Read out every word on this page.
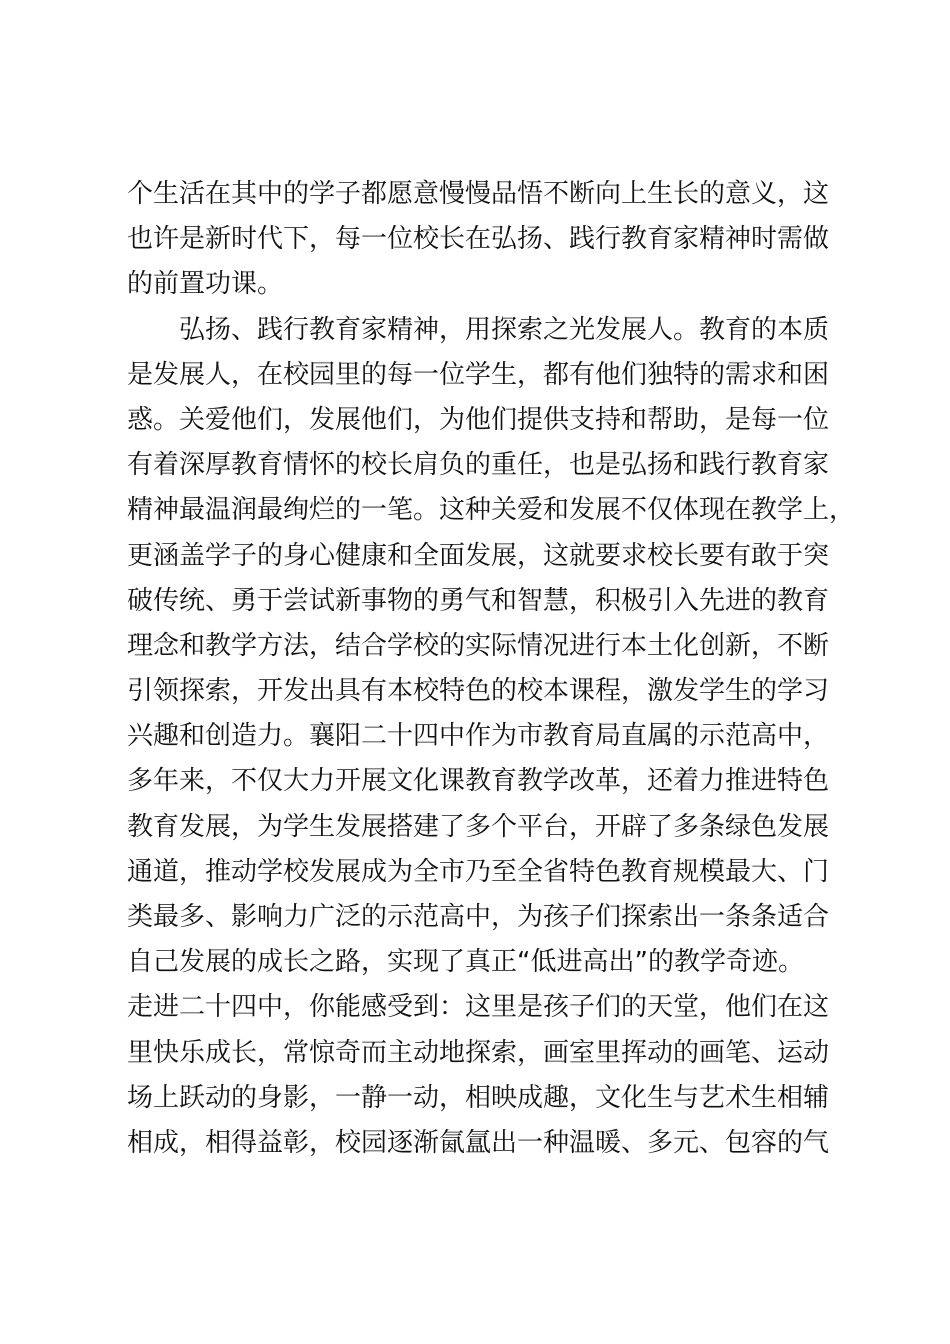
个生活在其中的学子都愿意慢慢品悟不断向上生长的意义，这

也许是新时代下，每一位校长在弘扬、践行教育家精神时需做

的前置功课。

弘扬、践行教育家精神，用探索之光发展人。教育的本质

是发展人，在校园里的每一位学生，都有他们独特的需求和困

惑。关爱他们，发展他们，为他们提供支持和帮助，是每一位

有着深厚教育情怀的校长肩负的重任，也是弘扬和践行教育家

精神最温润最绚烂的一笔。这种关爱和发展不仅体现在教学上，

更涵盖学子的身心健康和全面发展，这就要求校长要有敢于突

破传统、勇于尝试新事物的勇气和智慧，积极引入先进的教育

理念和教学方法，结合学校的实际情况进行本土化创新，不断

引领探索，开发出具有本校特色的校本课程，激发学生的学习

兴趣和创造力。襄阳二十四中作为市教育局直属的示范高中，

多年来，不仅大力开展文化课教育教学改革，还着力推进特色

教育发展，为学生发展搭建了多个平台，开辟了多条绿色发展

通道，推动学校发展成为全市乃至全省特色教育规模最大、门

类最多、影响力广泛的示范高中，为孩子们探索出一条条适合

自己发展的成长之路，实现了真正“低进高出”的教学奇迹。

走进二十四中，你能感受到：这里是孩子们的天堂，他们在这

里快乐成长，常惊奇而主动地探索，画室里挥动的画笔、运动

场上跃动的身影，一静一动，相映成趣，文化生与艺术生相辅

相成，相得益彰，校园逐渐氤氲出一种温暖、多元、包容的气
